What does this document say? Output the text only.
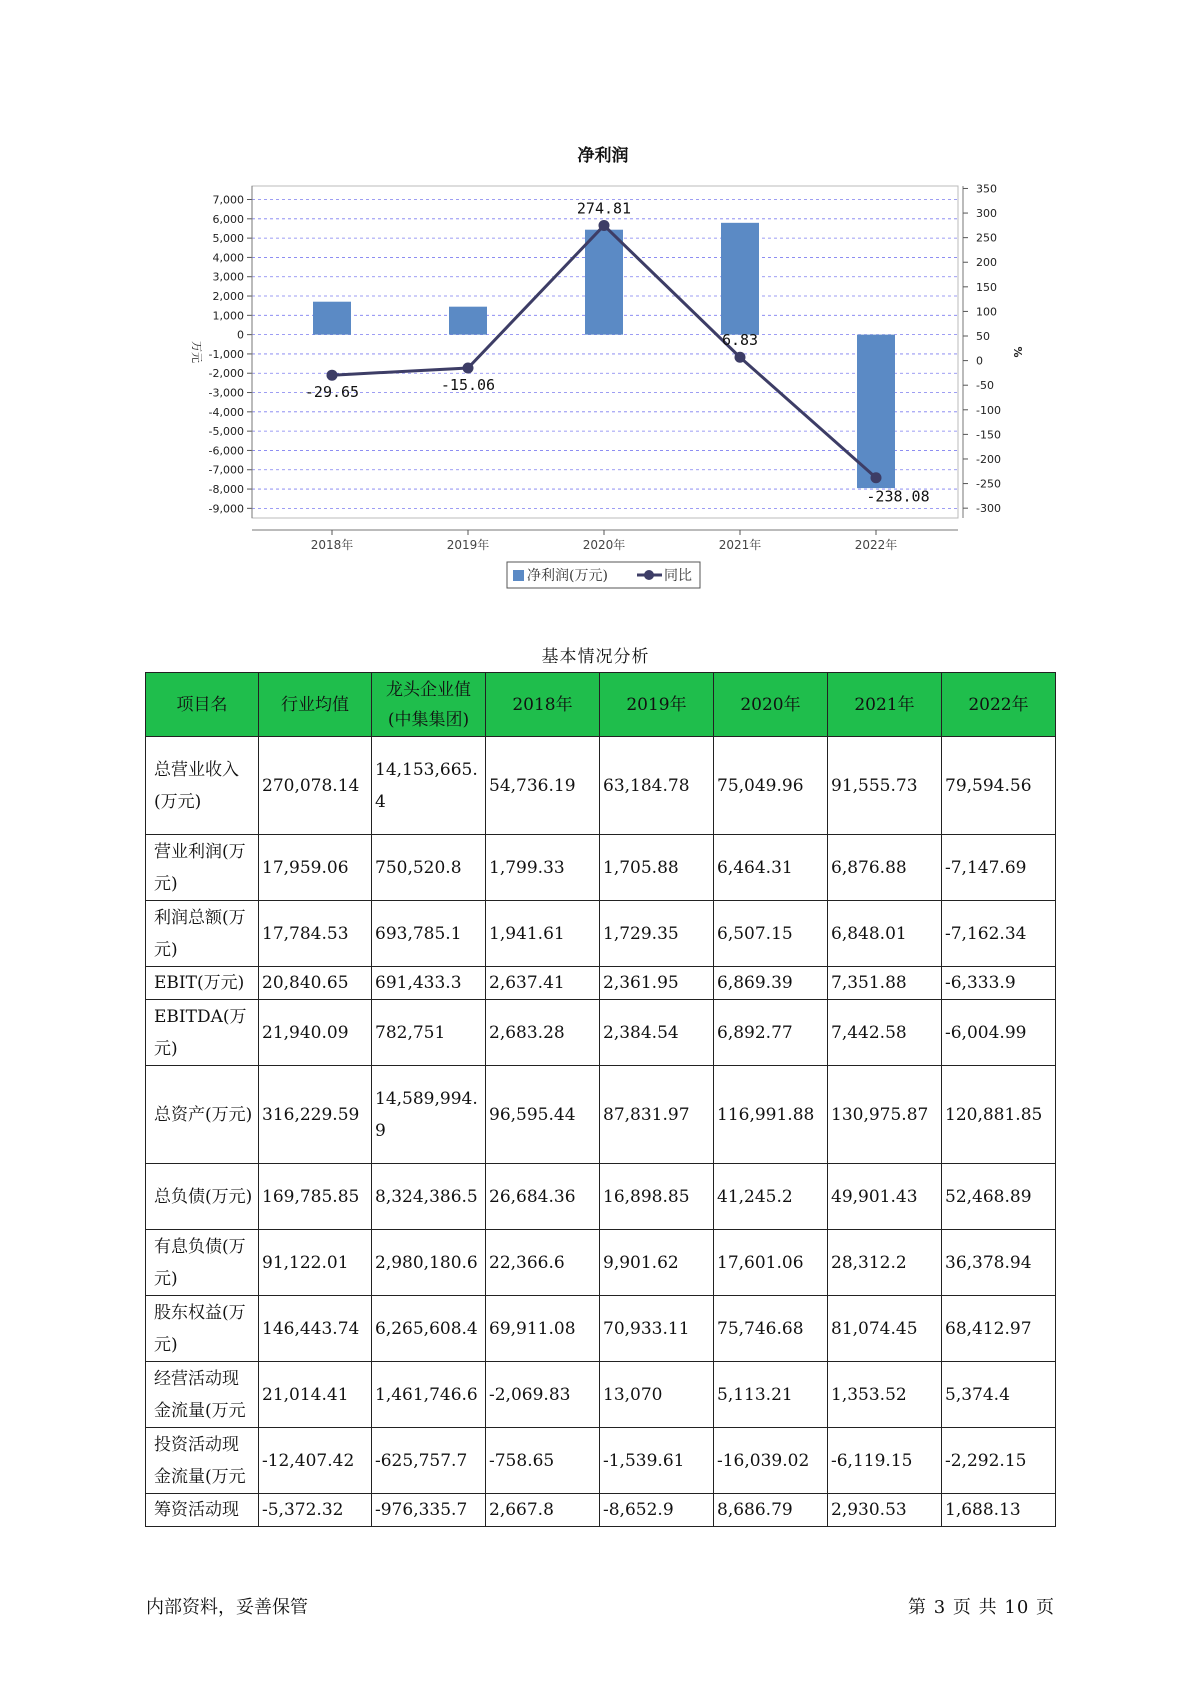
净利润
7,000
6,000
5,000
4,000
3,000
2,000
1,000
0
-1,000
-2,000
-3,000
-4,000
-5,000
-6,000
-7,000
-8,000
-9,000
350
300
250
200
150
100
50
0
-50
-100
-150
-200
-250
-300
万元	%
2018年	2019年	2020年	2021年	2022年
-29.65	-15.06
274.81
6.83
-238.08
净利润(万元)	同比
基本情况分析
项目名	行业均值	龙头企业值(中集集团)	2018年	2019年	2020年	2021年	2022年
总营业收入(万元)	270,078.14	14,153,665.4	54,736.19	63,184.78	75,049.96	91,555.73	79,594.56
营业利润(万元)	17,959.06	750,520.8	1,799.33	1,705.88	6,464.31	6,876.88	-7,147.69
利润总额(万元)	17,784.53	693,785.1	1,941.61	1,729.35	6,507.15	6,848.01	-7,162.34
EBIT(万元)	20,840.65	691,433.3	2,637.41	2,361.95	6,869.39	7,351.88	-6,333.9
EBITDA(万元)	21,940.09	782,751	2,683.28	2,384.54	6,892.77	7,442.58	-6,004.99
总资产(万元)	316,229.59	14,589,994.9	96,595.44	87,831.97	116,991.88	130,975.87	120,881.85
总负债(万元)	169,785.85	8,324,386.5	26,684.36	16,898.85	41,245.2	49,901.43	52,468.89
有息负债(万元)	91,122.01	2,980,180.6	22,366.6	9,901.62	17,601.06	28,312.2	36,378.94
股东权益(万元)	146,443.74	6,265,608.4	69,911.08	70,933.11	75,746.68	81,074.45	68,412.97
经营活动现金流量(万元	21,014.41	1,461,746.6	-2,069.83	13,070	5,113.21	1,353.52	5,374.4
投资活动现金流量(万元	-12,407.42	-625,757.7	-758.65	-1,539.61	-16,039.02	-6,119.15	-2,292.15
筹资活动现	-5,372.32	-976,335.7	2,667.8	-8,652.9	8,686.79	2,930.53	1,688.13
内部资料，妥善保管	第 3 页 共 10 页
